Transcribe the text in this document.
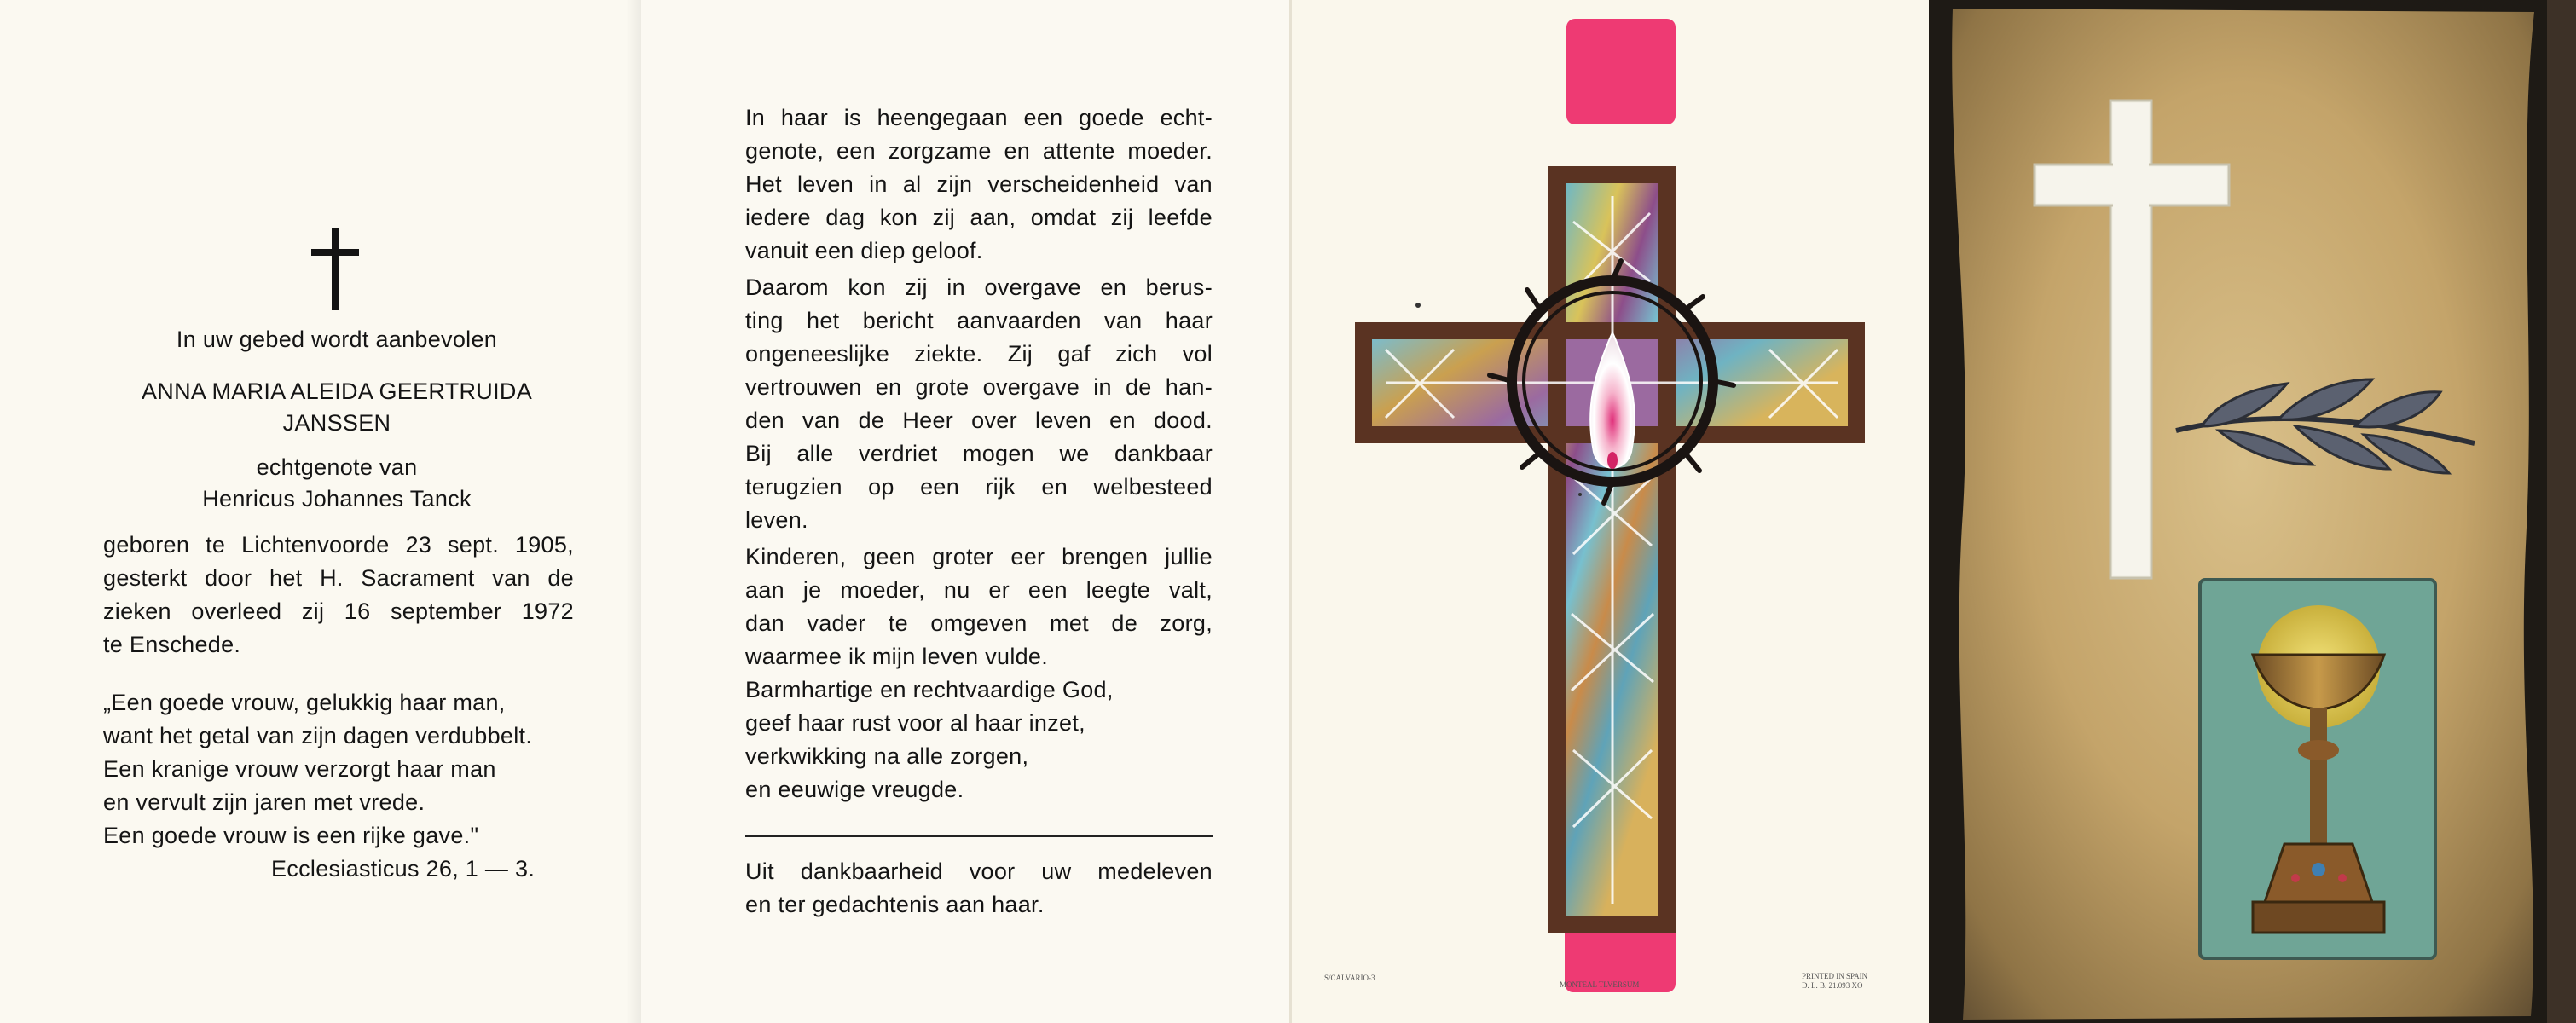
In uw gebed wordt aanbevolen
ANNA MARIA ALEIDA GEERTRUIDA
JANSSEN
echtgenote van
Henricus Johannes Tanck
geboren te Lichtenvoorde 23 sept. 1905,
gesterkt door het H. Sacrament van de
zieken overleed zij 16 september 1972
te Enschede.
„Een goede vrouw, gelukkig haar man,
want het getal van zijn dagen verdubbelt.
Een kranige vrouw verzorgt haar man
en vervult zijn jaren met vrede.
Een goede vrouw is een rijke gave."
Ecclesiasticus 26, 1 — 3.
In haar is heengegaan een goede echt-
genote, een zorgzame en attente moeder.
Het leven in al zijn verscheidenheid van
iedere dag kon zij aan, omdat zij leefde
vanuit een diep geloof.
Daarom kon zij in overgave en berus-
ting het bericht aanvaarden van haar
ongeneeslijke ziekte. Zij gaf zich vol
vertrouwen en grote overgave in de han-
den van de Heer over leven en dood.
Bij alle verdriet mogen we dankbaar
terugzien op een rijk en welbesteed
leven.
Kinderen, geen groter eer brengen jullie
aan je moeder, nu er een leegte valt,
dan vader te omgeven met de zorg,
waarmee ik mijn leven vulde.
Barmhartige en rechtvaardige God,
geef haar rust voor al haar inzet,
verkwikking na alle zorgen,
en eeuwige vreugde.
Uit dankbaarheid voor uw medeleven
en ter gedachtenis aan haar.
S/CALVARIO-3
MONTEAL TLVERSUM
PRINTED IN SPAIN
D. L. B. 21.093 XO
